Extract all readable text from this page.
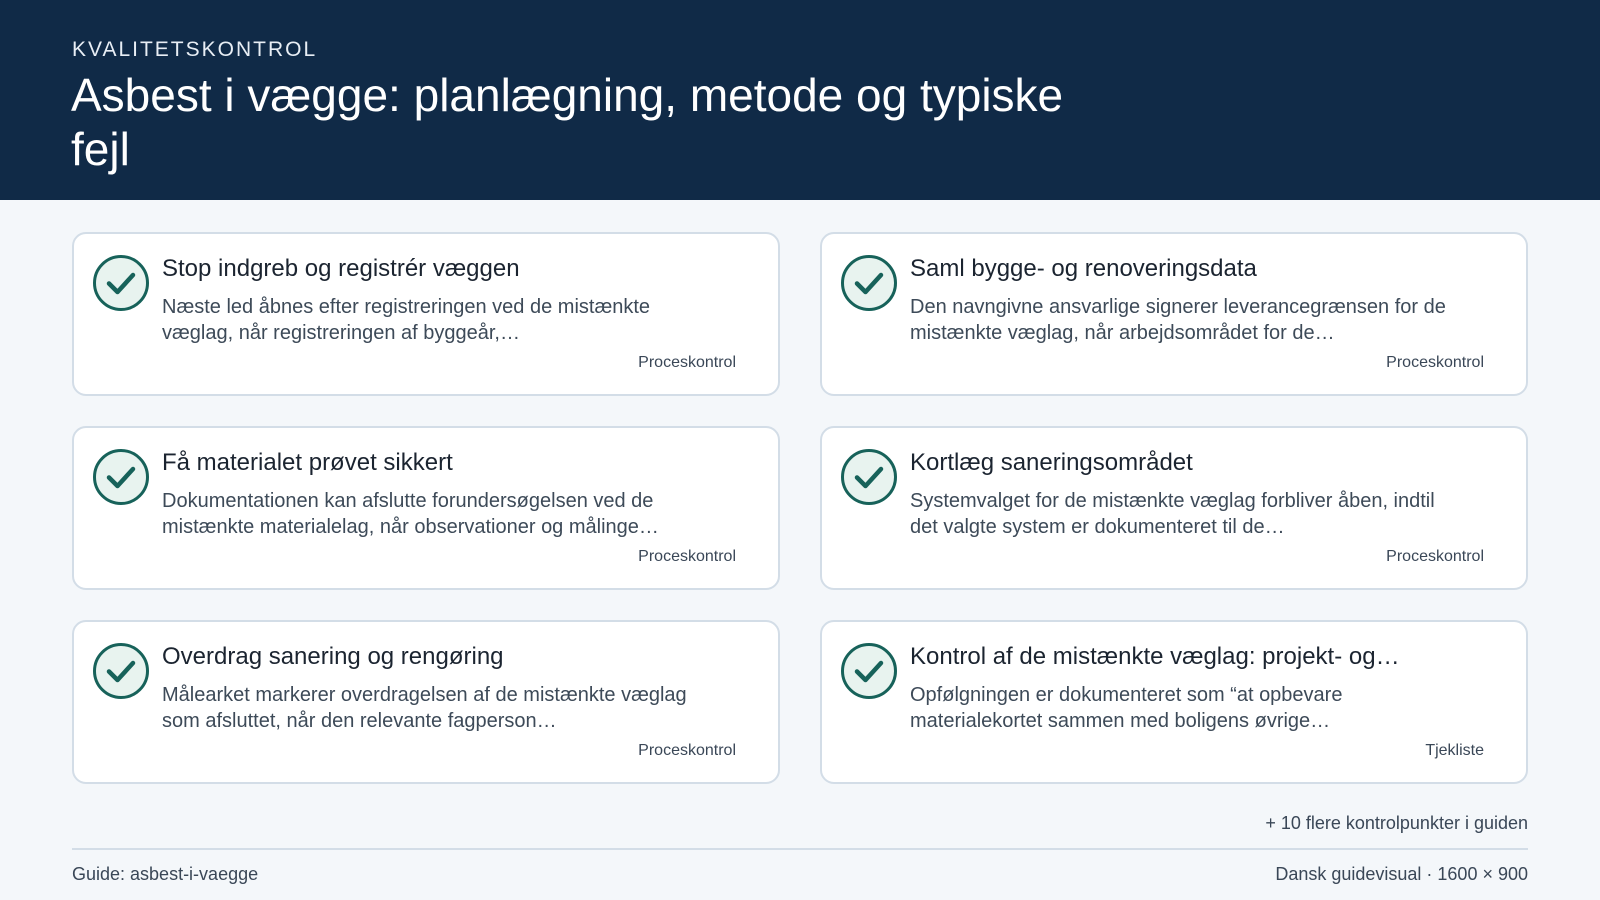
KVALITETSKONTROL
Asbest i vægge: planlægning, metode og typiske fejl
Stop indgreb og registrér væggen
Næste led åbnes efter registreringen ved de mistænkte væglag, når registreringen af byggeår,…
Proceskontrol
Saml bygge- og renoveringsdata
Den navngivne ansvarlige signerer leverancegrænsen for de mistænkte væglag, når arbejdsområdet for de…
Proceskontrol
Få materialet prøvet sikkert
Dokumentationen kan afslutte forundersøgelsen ved de mistænkte materialelag, når observationer og målinge…
Proceskontrol
Kortlæg saneringsområdet
Systemvalget for de mistænkte væglag forbliver åben, indtil det valgte system er dokumenteret til de…
Proceskontrol
Overdrag sanering og rengøring
Målearket markerer overdragelsen af de mistænkte væglag som afsluttet, når den relevante fagperson…
Proceskontrol
Kontrol af de mistænkte væglag: projekt- og…
Opfølgningen er dokumenteret som “at opbevare materialekortet sammen med boligens øvrige…
Tjekliste
+ 10 flere kontrolpunkter i guiden
Guide: asbest-i-vaegge	Dansk guidevisual · 1600 × 900
